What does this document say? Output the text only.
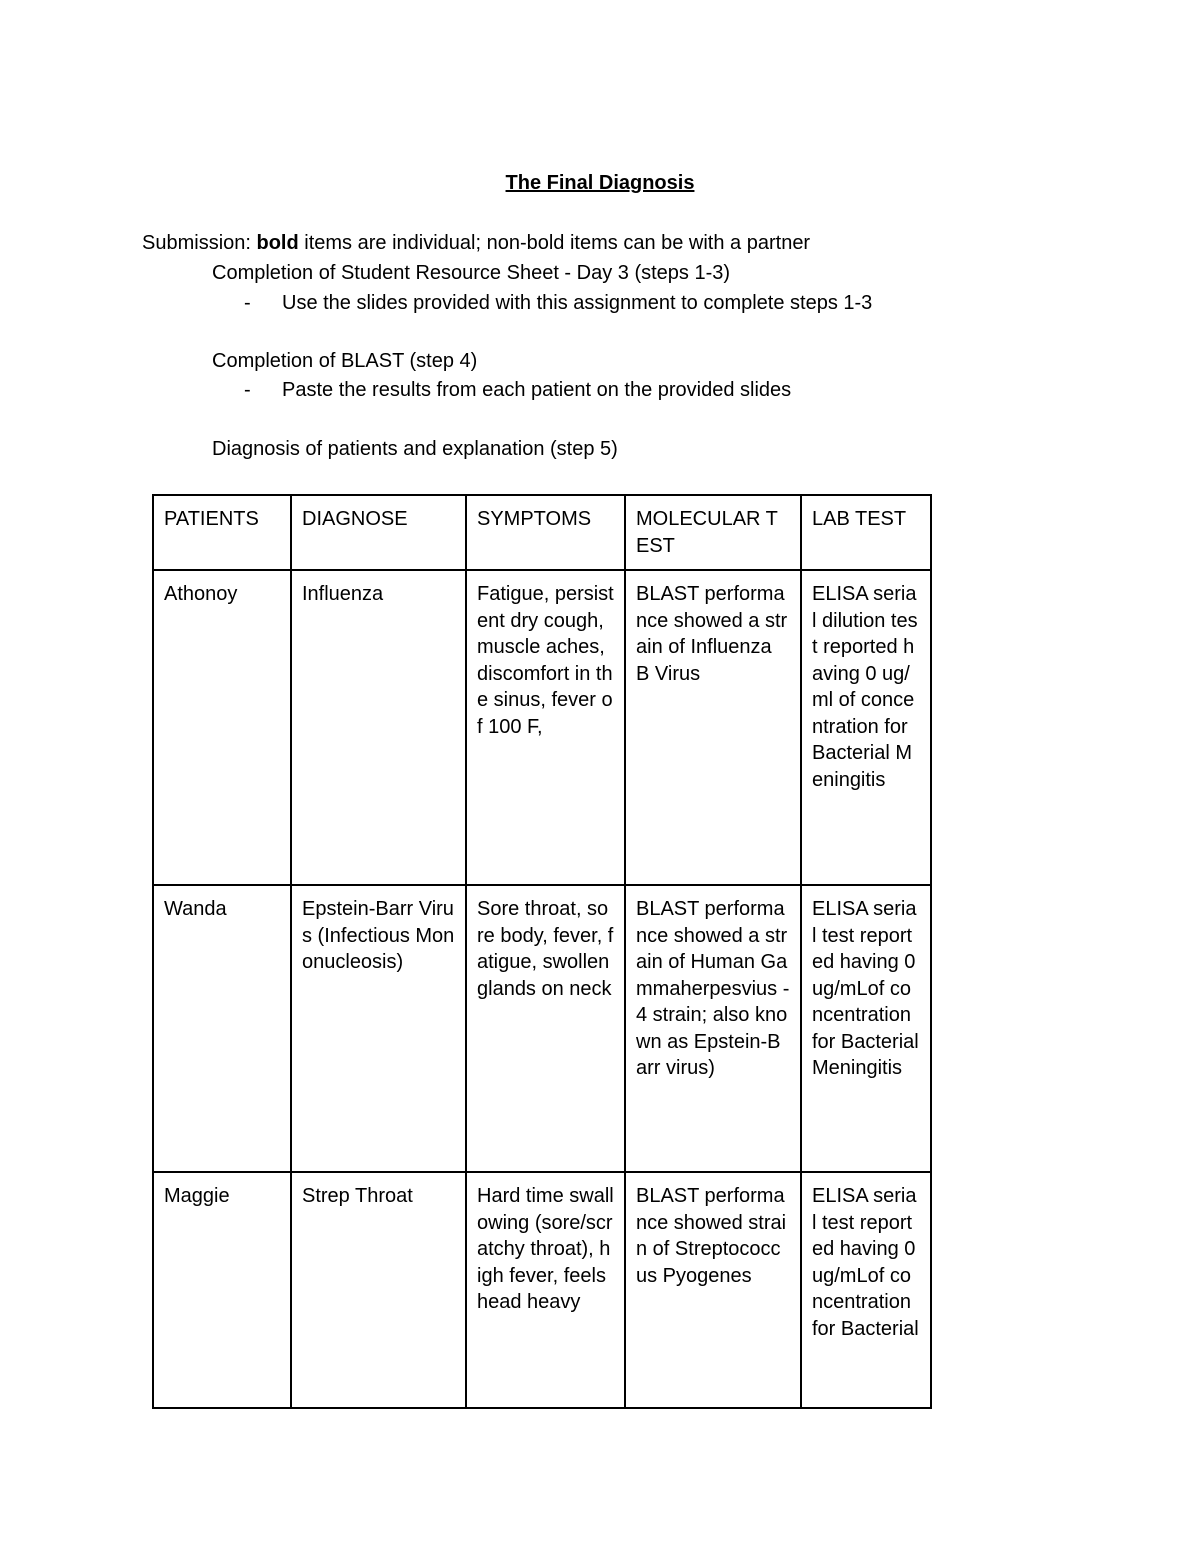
The Final Diagnosis
Submission: bold items are individual; non-bold items can be with a partner
Completion of Student Resource Sheet - Day 3 (steps 1-3)
- Use the slides provided with this assignment to complete steps 1-3
Completion of BLAST (step 4)
- Paste the results from each patient on the provided slides
Diagnosis of patients and explanation (step 5)
PATIENTS	DIAGNOSE	SYMPTOMS	MOLECULAR TEST	LAB TEST
Athonoy	Influenza	Fatigue, persistent dry cough, muscle aches, discomfort in the sinus, fever of 100 F,	BLAST performance showed a strain of Influenza B Virus	ELISA serial dilution test reported having 0 ug/ml of concentration for Bacterial Meningitis
Wanda	Epstein-Barr Virus (Infectious Mononucleosis)	Sore throat, sore body, fever, fatigue, swollen glands on neck	BLAST performance showed a strain of Human Gammaherpesvius -4 strain; also known as Epstein-Barr virus)	ELISA serial test reported having 0 ug/mLof concentration for Bacterial Meningitis
Maggie	Strep Throat	Hard time swallowing (sore/scratchy throat), high fever, feels head heavy	BLAST performance showed strain of Streptococcus Pyogenes	ELISA serial test reported having 0 ug/mLof concentration for Bacterial
